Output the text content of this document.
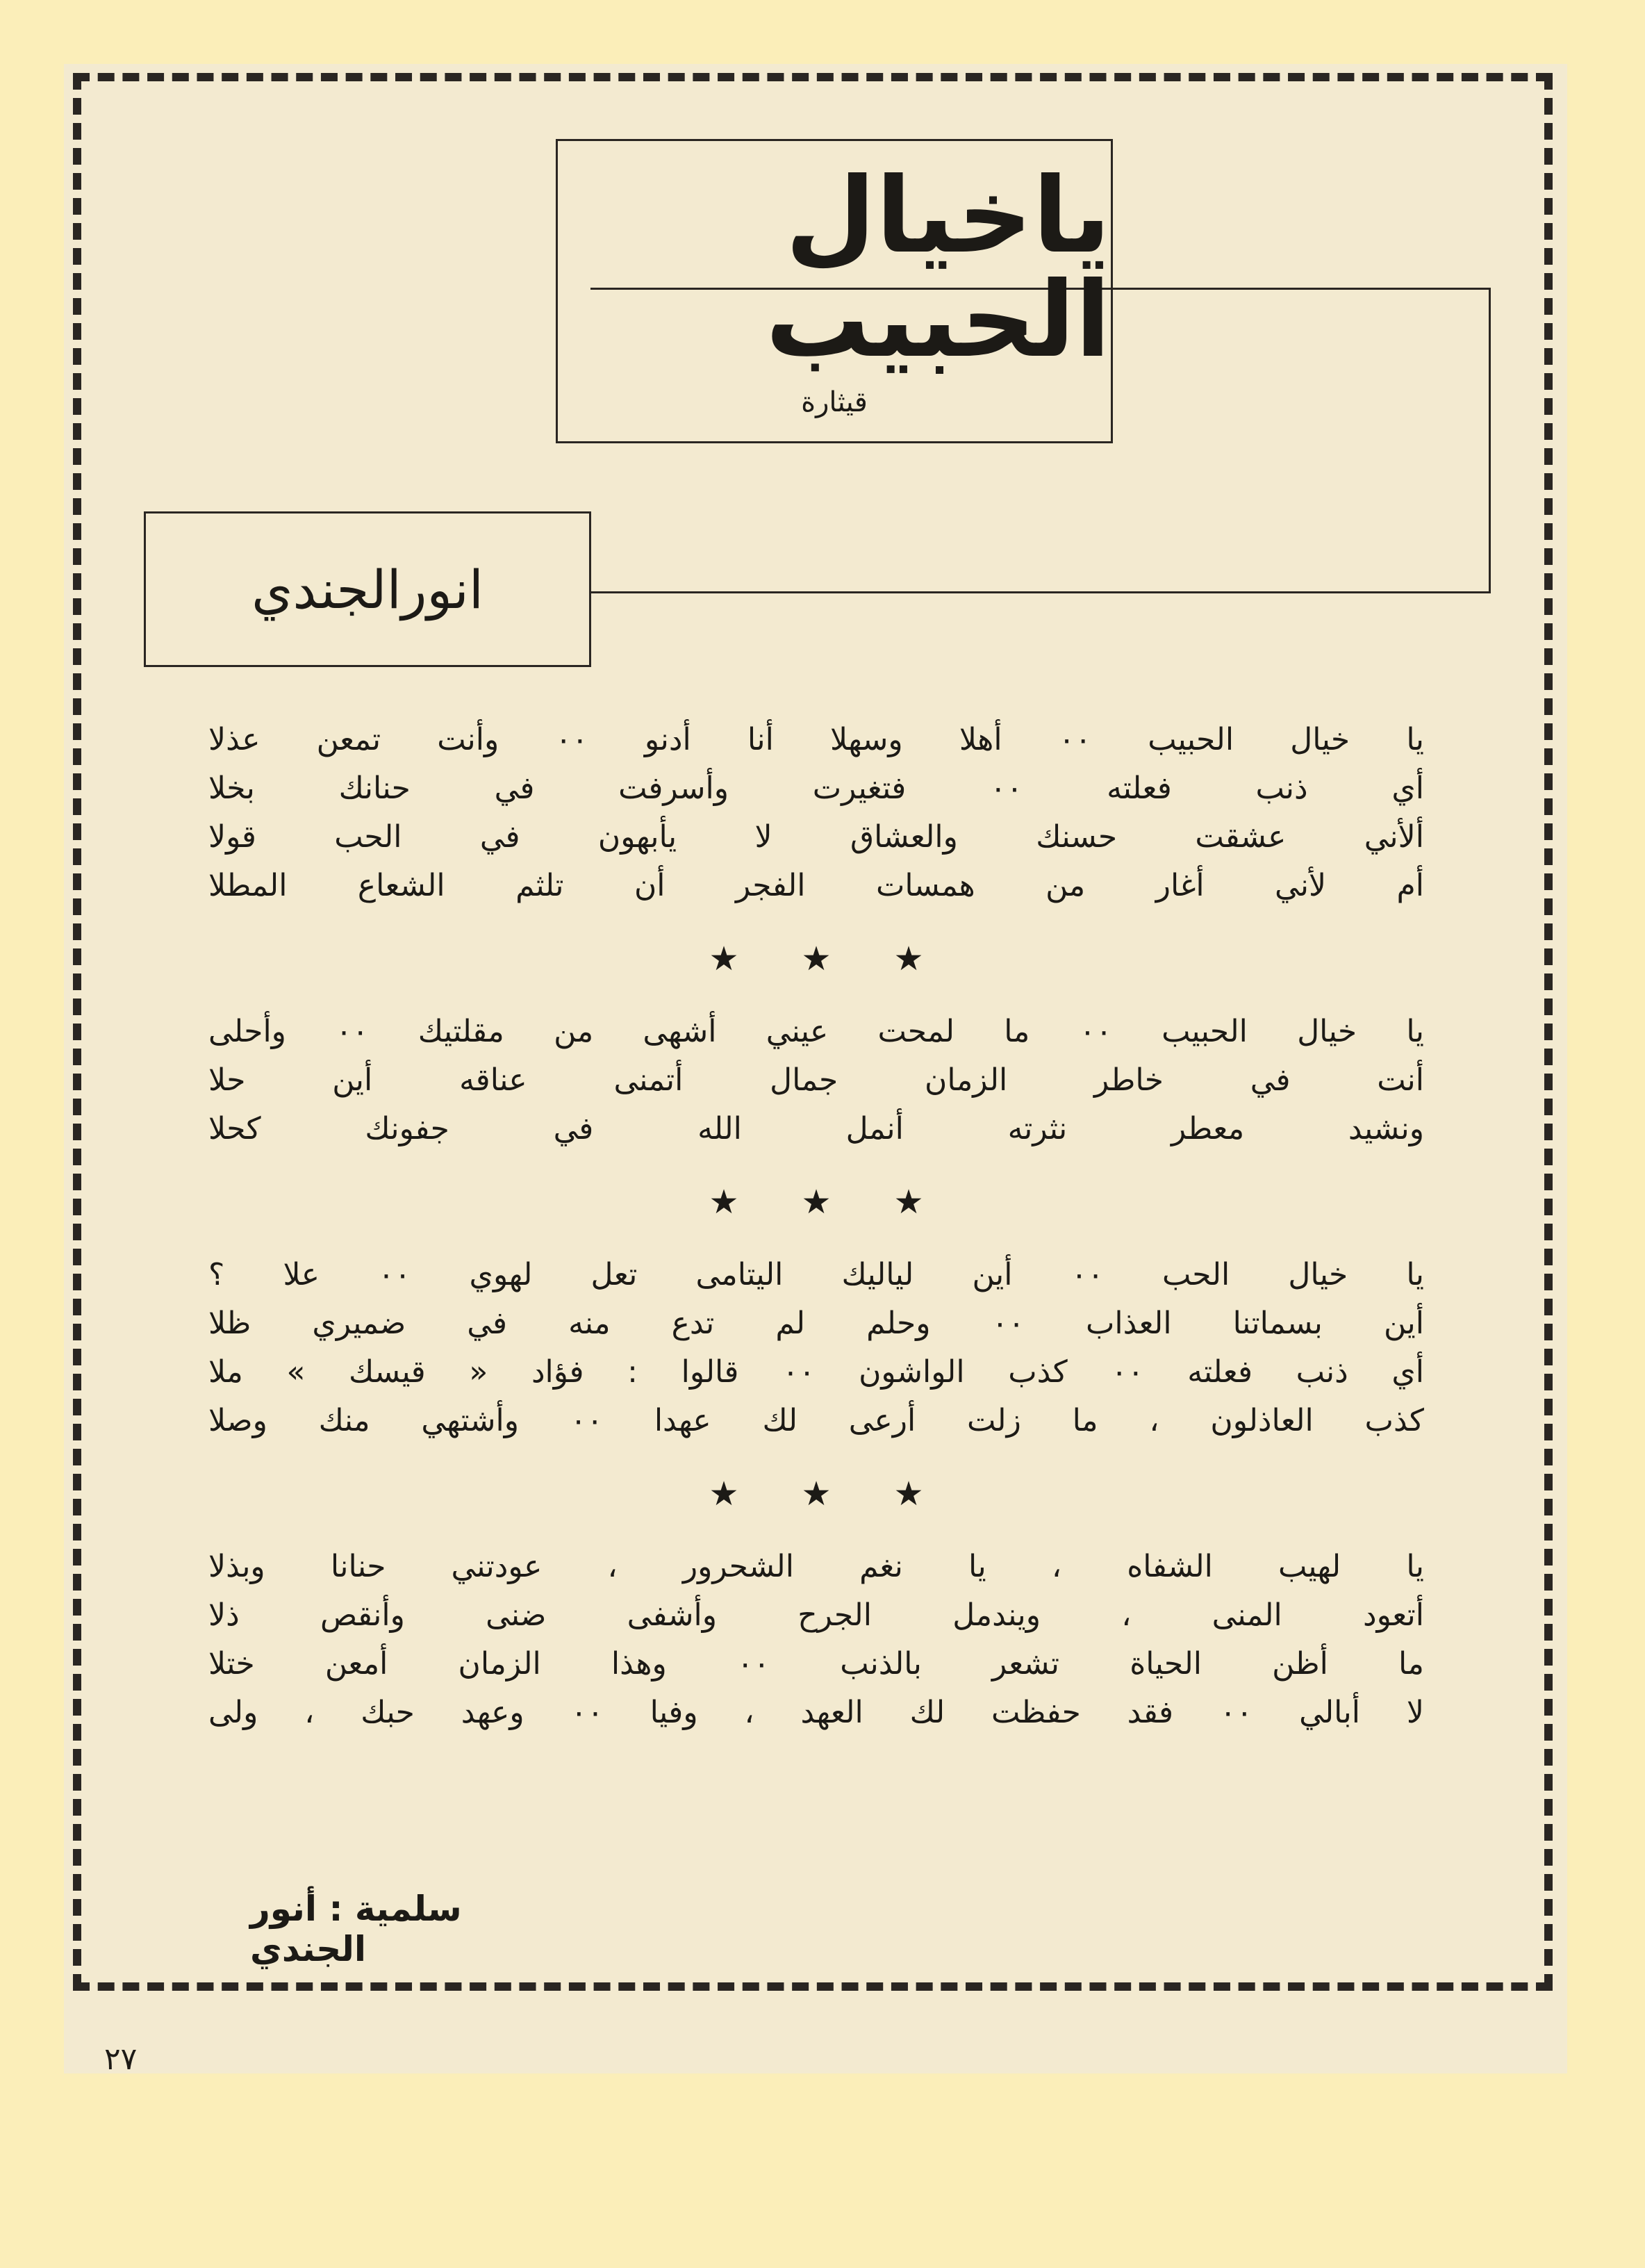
ياخيال الحبيب
قيثارة
انورالجندي
يا خيال الحبيب ٠٠ أهلا وسهلا أنا أدنو ٠٠ وأنت تمعن عذلا
أي ذنب فعلته ٠٠ فتغيرت وأسرفت في حنانك بخلا
ألأني عشقت حسنك والعشاق لا يأبهون في الحب قولا
أم لأني أغار من همسات الفجر أن تلثم الشعاع المطلا
★ ★ ★
يا خيال الحبيب ٠٠ ما لمحت عيني أشهى من مقلتيك ٠٠ وأحلى
أنت في خاطر الزمان جمال أتمنى عناقه أين حلا
ونشيد معطر نثرته أنمل الله في جفونك كحلا
★ ★ ★
يا خيال الحب ٠٠ أين لياليك اليتامى تعل لهوي ٠٠ علا ؟
أين بسماتنا العذاب ٠٠ وحلم لم تدع منه في ضميري ظلا
أي ذنب فعلته ٠٠ كذب الواشون ٠٠ قالوا : فؤاد « قيسك » ملا
كذب العاذلون ، ما زلت أرعى لك عهدا ٠٠ وأشتهي منك وصلا
★ ★ ★
يا لهيب الشفاه ، يا نغم الشحرور ، عودتني حنانا وبذلا
أتعود المنى ، ويندمل الجرح وأشفى ضنى وأنقص ذلا
ما أظن الحياة تشعر بالذنب ٠٠ وهذا الزمان أمعن ختلا
لا أبالي ٠٠ فقد حفظت لك العهد ، وفيا ٠٠ وعهد حبك ، ولى
سلمية : أنور الجندي
٢٧
